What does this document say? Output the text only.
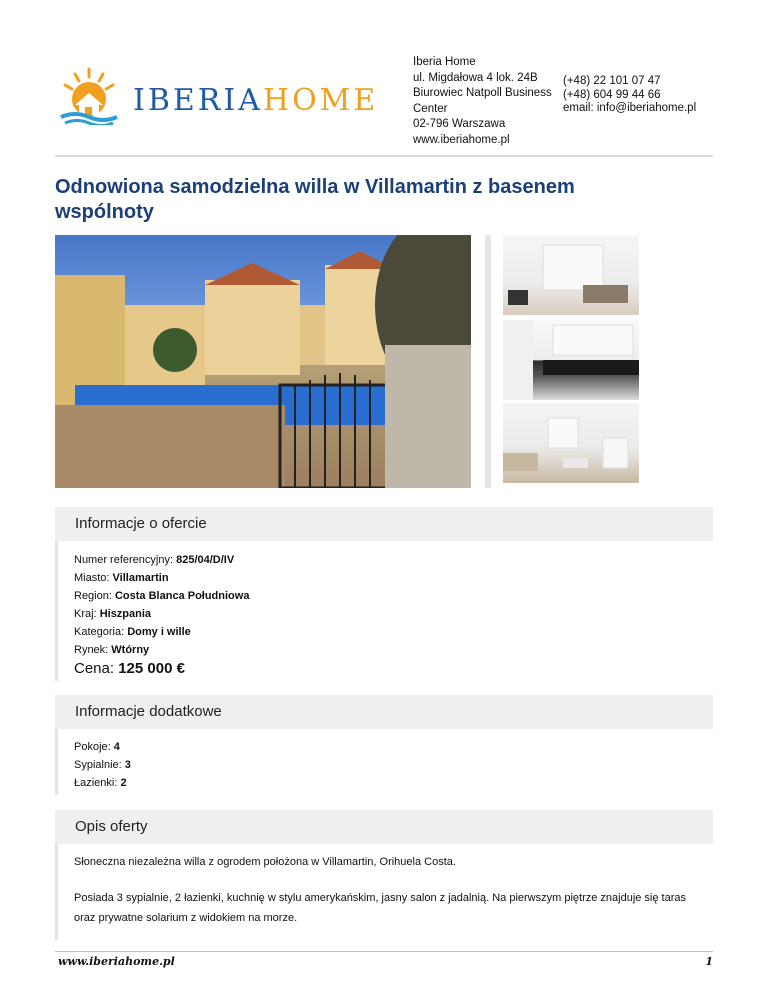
IBERIAHOME
Iberia Home
ul. Migdałowa 4 lok. 24B
Biurowiec Natpoll Business
Center
02-796 Warszawa
www.iberiahome.pl
(+48) 22 101 07 47
(+48) 604 99 44 66
email: info@iberiahome.pl
Odnowiona samodzielna willa w Villamartin z basenem wspólnoty
Informacje o ofercie
Numer referencyjny: 825/04/D/IV
Miasto: Villamartin
Region: Costa Blanca Południowa
Kraj: Hiszpania
Kategoria: Domy i wille
Rynek: Wtórny
Cena: 125 000 €
Informacje dodatkowe
Pokoje: 4
Sypialnie: 3
Łazienki: 2
Opis oferty
Słoneczna niezależna willa z ogrodem położona w Villamartin, Orihuela Costa.
Posiada 3 sypialnie, 2 łazienki, kuchnię w stylu amerykańskim, jasny salon z jadalnią. Na pierwszym piętrze znajduje się taras oraz prywatne solarium z widokiem na morze.
www.iberiahome.pl	1
